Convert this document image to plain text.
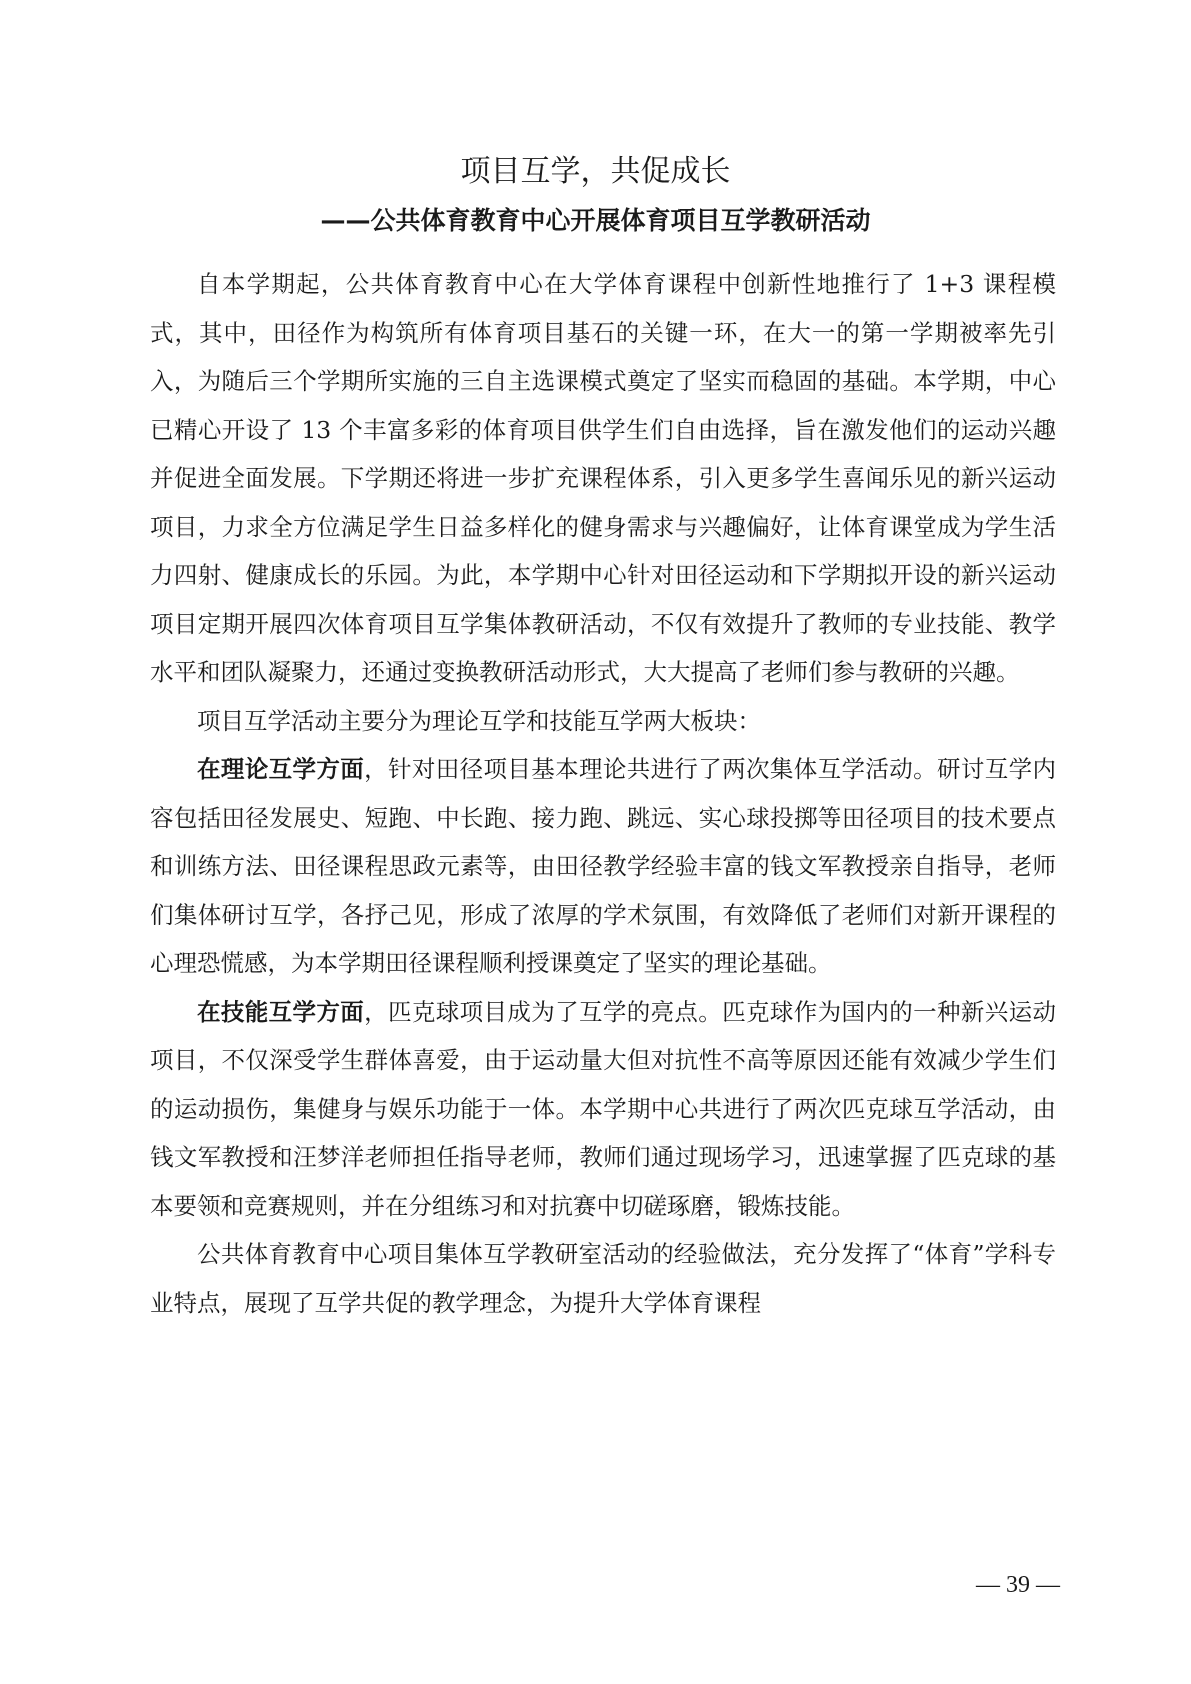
项目互学，共促成长
——公共体育教育中心开展体育项目互学教研活动

自本学期起，公共体育教育中心在大学体育课程中创新性地推行了 1+3 课程模式，其中，田径作为构筑所有体育项目基石的关键一环，在大一的第一学期被率先引入，为随后三个学期所实施的三自主选课模式奠定了坚实而稳固的基础。本学期，中心已精心开设了 13 个丰富多彩的体育项目供学生们自由选择，旨在激发他们的运动兴趣并促进全面发展。下学期还将进一步扩充课程体系，引入更多学生喜闻乐见的新兴运动项目，力求全方位满足学生日益多样化的健身需求与兴趣偏好，让体育课堂成为学生活力四射、健康成长的乐园。为此，本学期中心针对田径运动和下学期拟开设的新兴运动项目定期开展四次体育项目互学集体教研活动，不仅有效提升了教师的专业技能、教学水平和团队凝聚力，还通过变换教研活动形式，大大提高了老师们参与教研的兴趣。

项目互学活动主要分为理论互学和技能互学两大板块：

在理论互学方面，针对田径项目基本理论共进行了两次集体互学活动。研讨互学内容包括田径发展史、短跑、中长跑、接力跑、跳远、实心球投掷等田径项目的技术要点和训练方法、田径课程思政元素等，由田径教学经验丰富的钱文军教授亲自指导，老师们集体研讨互学，各抒己见，形成了浓厚的学术氛围，有效降低了老师们对新开课程的心理恐慌感，为本学期田径课程顺利授课奠定了坚实的理论基础。

在技能互学方面，匹克球项目成为了互学的亮点。匹克球作为国内的一种新兴运动项目，不仅深受学生群体喜爱，由于运动量大但对抗性不高等原因还能有效减少学生们的运动损伤，集健身与娱乐功能于一体。本学期中心共进行了两次匹克球互学活动，由钱文军教授和汪梦洋老师担任指导老师，教师们通过现场学习，迅速掌握了匹克球的基本要领和竞赛规则，并在分组练习和对抗赛中切磋琢磨，锻炼技能。

公共体育教育中心项目集体互学教研室活动的经验做法，充分发挥了“体育”学科专业特点，展现了互学共促的教学理念，为提升大学体育课程

— 39 —
